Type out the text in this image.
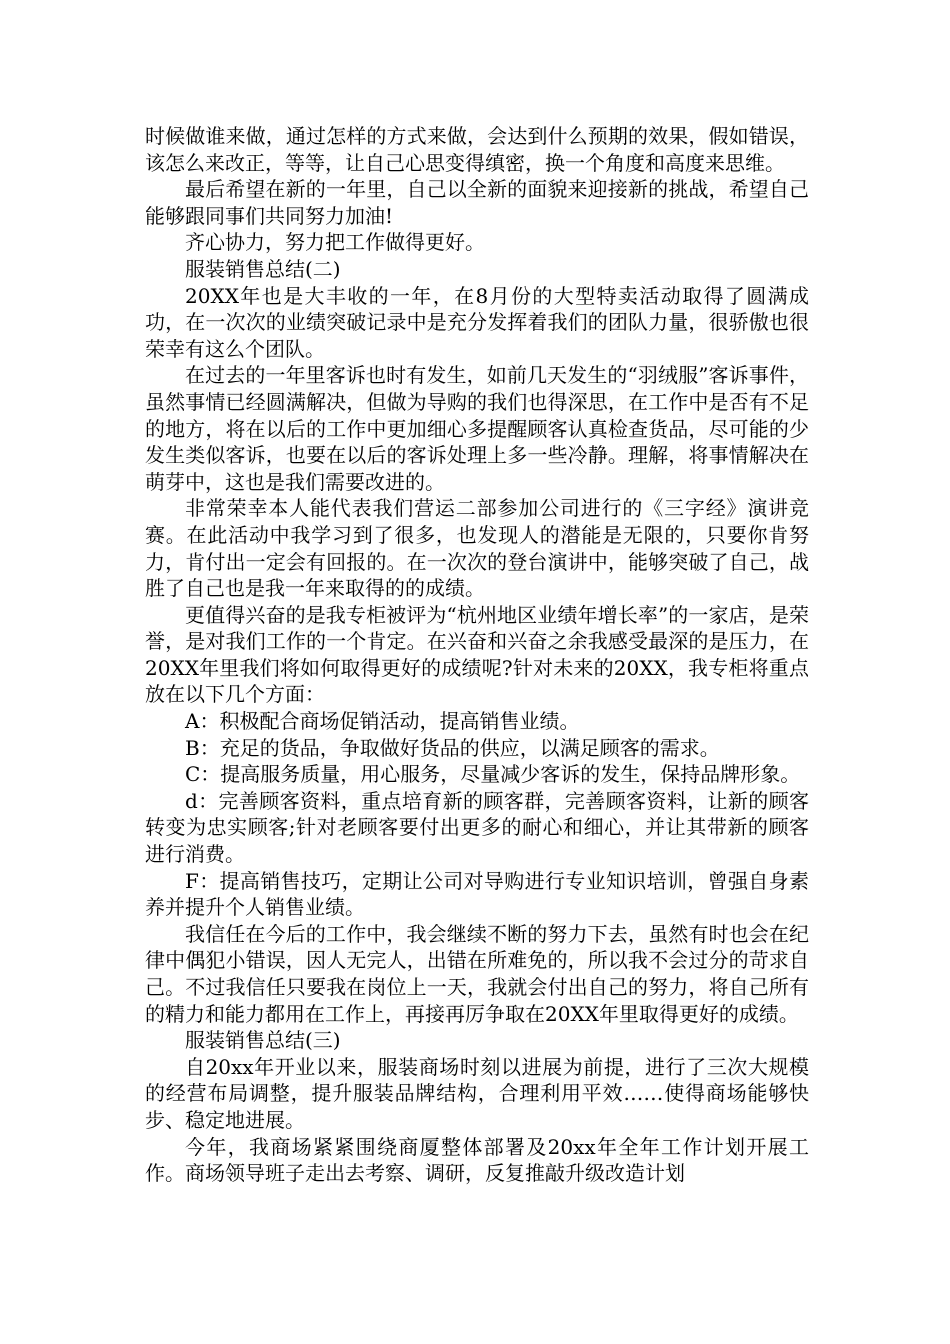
时候做谁来做，通过怎样的方式来做，会达到什么预期的效果，假如错误，该怎么来改正，等等，让自己心思变得缜密，换一个角度和高度来思维。

最后希望在新的一年里，自己以全新的面貌来迎接新的挑战，希望自己能够跟同事们共同努力加油!

齐心协力，努力把工作做得更好。

服装销售总结(二)

20XX年也是大丰收的一年，在8月份的大型特卖活动取得了圆满成功，在一次次的业绩突破记录中是充分发挥着我们的团队力量，很骄傲也很荣幸有这么个团队。

在过去的一年里客诉也时有发生，如前几天发生的“羽绒服”客诉事件，虽然事情已经圆满解决，但做为导购的我们也得深思，在工作中是否有不足的地方，将在以后的工作中更加细心多提醒顾客认真检查货品，尽可能的少发生类似客诉，也要在以后的客诉处理上多一些冷静。理解，将事情解决在萌芽中，这也是我们需要改进的。

非常荣幸本人能代表我们营运二部参加公司进行的《三字经》演讲竞赛。在此活动中我学习到了很多，也发现人的潜能是无限的，只要你肯努力，肯付出一定会有回报的。在一次次的登台演讲中，能够突破了自己，战胜了自己也是我一年来取得的的成绩。

更值得兴奋的是我专柜被评为“杭州地区业绩年增长率”的一家店，是荣誉，是对我们工作的一个肯定。在兴奋和兴奋之余我感受最深的是压力，在20XX年里我们将如何取得更好的成绩呢?针对未来的20XX，我专柜将重点放在以下几个方面：

A：积极配合商场促销活动，提高销售业绩。

B：充足的货品，争取做好货品的供应，以满足顾客的需求。

C：提高服务质量，用心服务，尽量减少客诉的发生，保持品牌形象。

d：完善顾客资料，重点培育新的顾客群，完善顾客资料，让新的顾客转变为忠实顾客;针对老顾客要付出更多的耐心和细心，并让其带新的顾客进行消费。

F：提高销售技巧，定期让公司对导购进行专业知识培训，曾强自身素养并提升个人销售业绩。

我信任在今后的工作中，我会继续不断的努力下去，虽然有时也会在纪律中偶犯小错误，因人无完人，出错在所难免的，所以我不会过分的苛求自己。不过我信任只要我在岗位上一天，我就会付出自己的努力，将自己所有的精力和能力都用在工作上，再接再厉争取在20XX年里取得更好的成绩。

服装销售总结(三)

自20xx年开业以来，服装商场时刻以进展为前提，进行了三次大规模的经营布局调整，提升服装品牌结构，合理利用平效……使得商场能够快步、稳定地进展。

今年，我商场紧紧围绕商厦整体部署及20xx年全年工作计划开展工作。商场领导班子走出去考察、调研，反复推敲升级改造计划
